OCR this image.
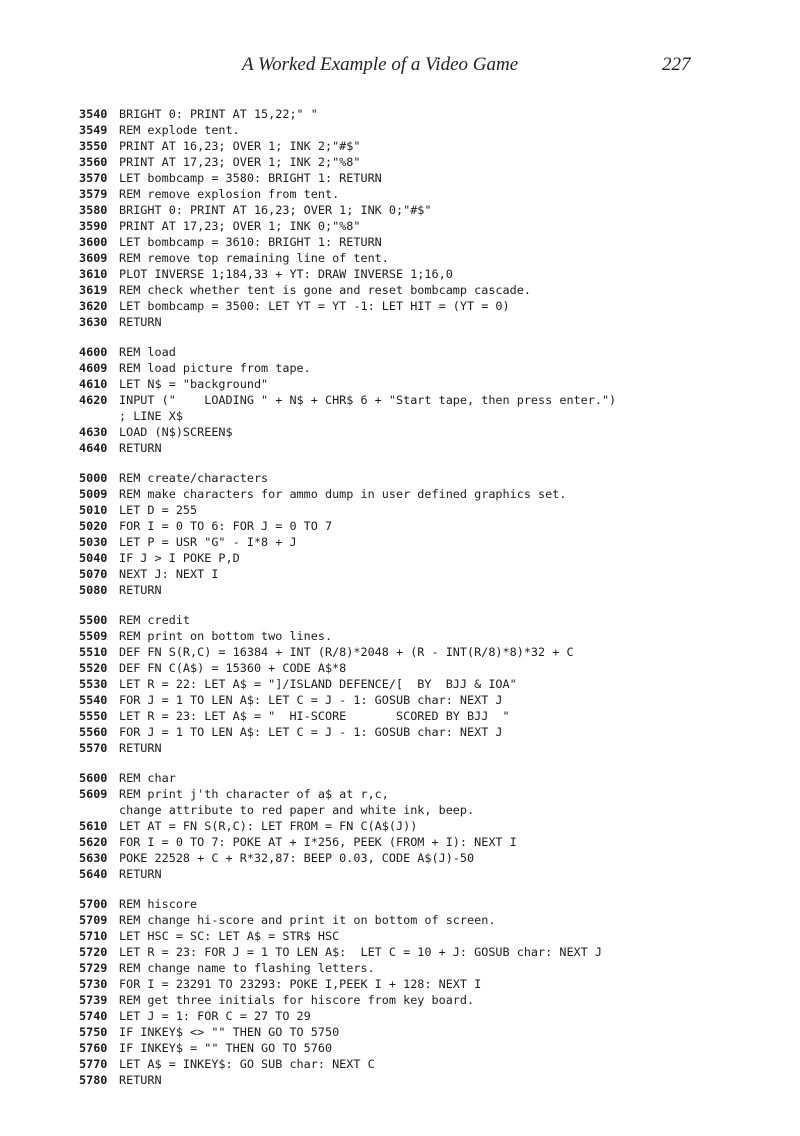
A Worked Example of a Video Game	227
3540 BRIGHT 0: PRINT AT 15,22;" "
3549 REM explode tent.
3550 PRINT AT 16,23; OVER 1; INK 2;"#$"
3560 PRINT AT 17,23; OVER 1; INK 2;"%8"
3570 LET bombcamp = 3580: BRIGHT 1: RETURN
3579 REM remove explosion from tent.
3580 BRIGHT 0: PRINT AT 16,23; OVER 1; INK 0;"#$"
3590 PRINT AT 17,23; OVER 1; INK 0;"%8"
3600 LET bombcamp = 3610: BRIGHT 1: RETURN
3609 REM remove top remaining line of tent.
3610 PLOT INVERSE 1;184,33 + YT: DRAW INVERSE 1;16,0
3619 REM check whether tent is gone and reset bombcamp cascade.
3620 LET bombcamp = 3500: LET YT = YT -1: LET HIT = (YT = 0)
3630 RETURN
4600 REM load
4609 REM load picture from tape.
4610 LET N$ = "background"
4620 INPUT ("    LOADING " + N$ + CHR$ 6 + "Start tape, then press enter.")
; LINE X$
4630 LOAD (N$)SCREEN$
4640 RETURN
5000 REM create/characters
5009 REM make characters for ammo dump in user defined graphics set.
5010 LET D = 255
5020 FOR I = 0 TO 6: FOR J = 0 TO 7
5030 LET P = USR "G" - I*8 + J
5040 IF J > I POKE P,D
5070 NEXT J: NEXT I
5080 RETURN
5500 REM credit
5509 REM print on bottom two lines.
5510 DEF FN S(R,C) = 16384 + INT (R/8)*2048 + (R - INT(R/8)*8)*32 + C
5520 DEF FN C(A$) = 15360 + CODE A$*8
5530 LET R = 22: LET A$ = "]/ISLAND DEFENCE/[  BY  BJJ & IOA"
5540 FOR J = 1 TO LEN A$: LET C = J - 1: GOSUB char: NEXT J
5550 LET R = 23: LET A$ = "  HI-SCORE       SCORED BY BJJ  "
5560 FOR J = 1 TO LEN A$: LET C = J - 1: GOSUB char: NEXT J
5570 RETURN
5600 REM char
5609 REM print j'th character of a$ at r,c,
change attribute to red paper and white ink, beep.
5610 LET AT = FN S(R,C): LET FROM = FN C(A$(J))
5620 FOR I = 0 TO 7: POKE AT + I*256, PEEK (FROM + I): NEXT I
5630 POKE 22528 + C + R*32,87: BEEP 0.03, CODE A$(J)-50
5640 RETURN
5700 REM hiscore
5709 REM change hi-score and print it on bottom of screen.
5710 LET HSC = SC: LET A$ = STR$ HSC
5720 LET R = 23: FOR J = 1 TO LEN A$:  LET C = 10 + J: GOSUB char: NEXT J
5729 REM change name to flashing letters.
5730 FOR I = 23291 TO 23293: POKE I,PEEK I + 128: NEXT I
5739 REM get three initials for hiscore from key board.
5740 LET J = 1: FOR C = 27 TO 29
5750 IF INKEY$ <> "" THEN GO TO 5750
5760 IF INKEY$ = "" THEN GO TO 5760
5770 LET A$ = INKEY$: GO SUB char: NEXT C
5780 RETURN
